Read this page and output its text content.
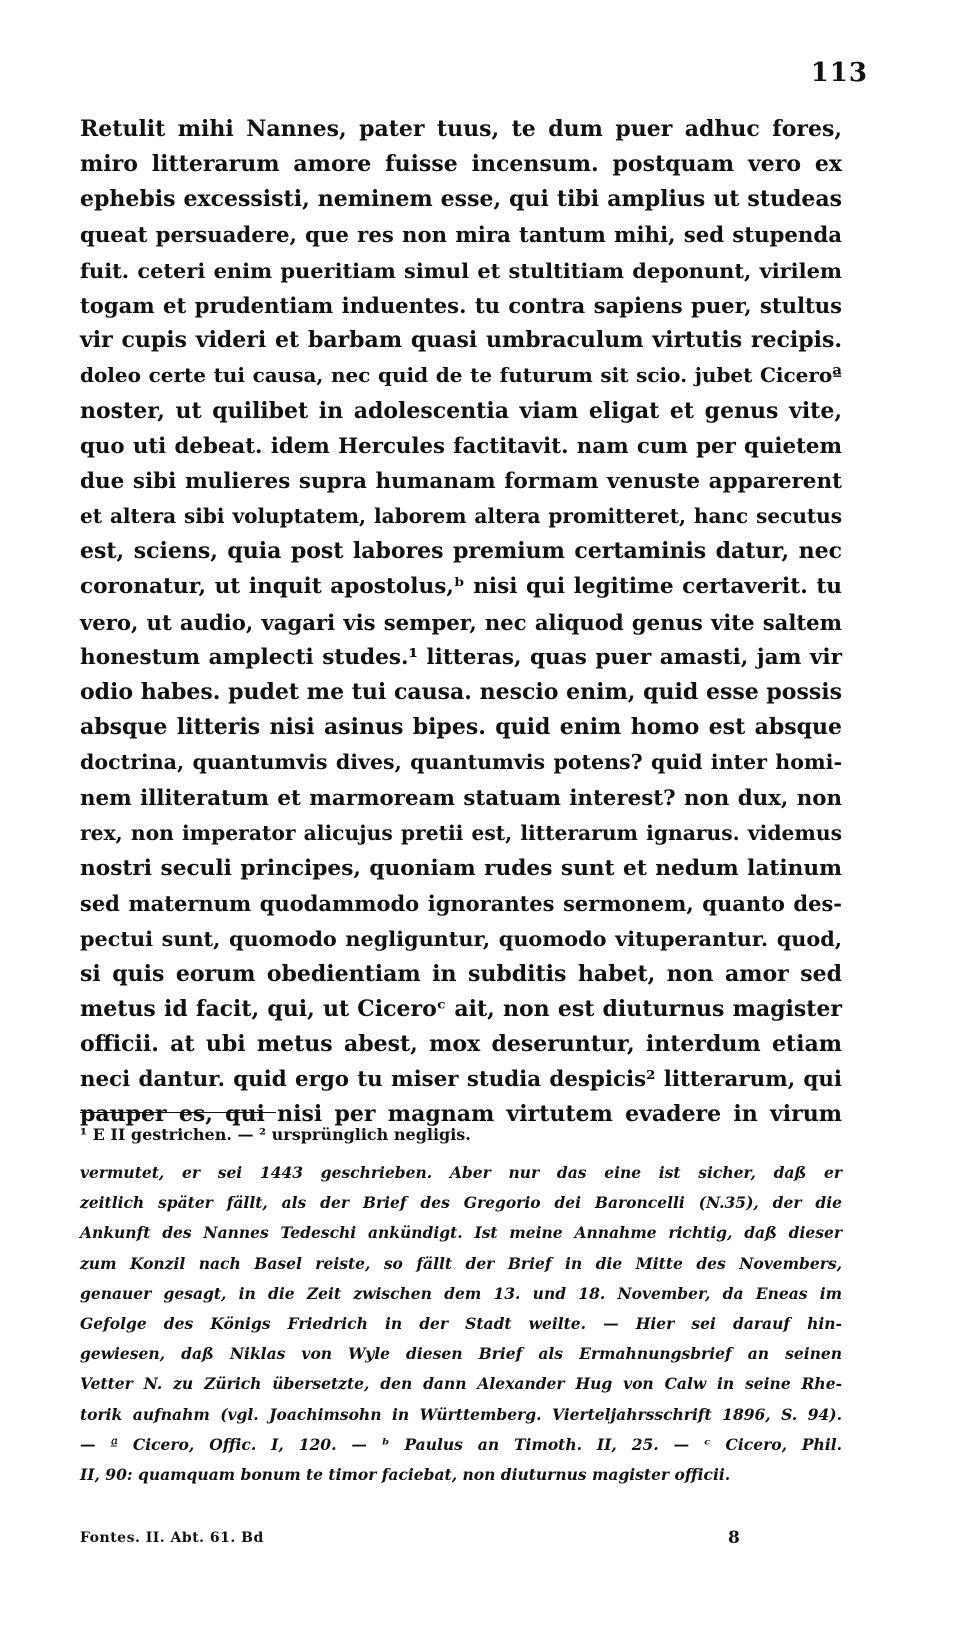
113
Retulit mihi Nannes, pater tuus, te dum puer adhuc fores,
miro litterarum amore fuisse incensum. postquam vero ex
ephebis excessisti, neminem esse, qui tibi amplius ut studeas
queat persuadere, que res non mira tantum mihi, sed stupenda
fuit. ceteri enim pueritiam simul et stultitiam deponunt, virilem
togam et prudentiam induentes. tu contra sapiens puer, stultus
vir cupis videri et barbam quasi umbraculum virtutis recipis.
doleo certe tui causa, nec quid de te futurum sit scio. jubet Ciceroª
noster, ut quilibet in adolescentia viam eligat et genus vite,
quo uti debeat. idem Hercules factitavit. nam cum per quietem
due sibi mulieres supra humanam formam venuste apparerent
et altera sibi voluptatem, laborem altera promitteret, hanc secutus
est, sciens, quia post labores premium certaminis datur, nec
coronatur, ut inquit apostolus,ᵇ nisi qui legitime certaverit. tu
vero, ut audio, vagari vis semper, nec aliquod genus vite saltem
honestum amplecti studes.¹ litteras, quas puer amasti, jam vir
odio habes. pudet me tui causa. nescio enim, quid esse possis
absque litteris nisi asinus bipes. quid enim homo est absque
doctrina, quantumvis dives, quantumvis potens? quid inter homi-
nem illiteratum et marmoream statuam interest? non dux, non
rex, non imperator alicujus pretii est, litterarum ignarus. videmus
nostri seculi principes, quoniam rudes sunt et nedum latinum
sed maternum quodammodo ignorantes sermonem, quanto des-
pectui sunt, quomodo negliguntur, quomodo vituperantur. quod,
si quis eorum obedientiam in subditis habet, non amor sed
metus id facit, qui, ut Ciceroᶜ ait, non est diuturnus magister
officii. at ubi metus abest, mox deseruntur, interdum etiam
neci dantur. quid ergo tu miser studia despicis² litterarum, qui
pauper es, qui nisi per magnam virtutem evadere in virum
¹ E II gestrichen. — ² ursprünglich negligis.
vermutet, er sei 1443 geschrieben. Aber nur das eine ist sicher, daß er
zeitlich später fällt, als der Brief des Gregorio dei Baroncelli (N.35), der die
Ankunft des Nannes Tedeschi ankündigt. Ist meine Annahme richtig, daß dieser
zum Konzil nach Basel reiste, so fällt der Brief in die Mitte des Novembers,
genauer gesagt, in die Zeit zwischen dem 13. und 18. November, da Eneas im
Gefolge des Königs Friedrich in der Stadt weilte. — Hier sei darauf hin-
gewiesen, daß Niklas von Wyle diesen Brief als Ermahnungsbrief an seinen
Vetter N. zu Zürich übersetzte, den dann Alexander Hug von Calw in seine Rhe-
torik aufnahm (vgl. Joachimsohn in Württemberg. Vierteljahrsschrift 1896, S. 94).
— ª Cicero, Offic. I, 120. — ᵇ Paulus an Timoth. II, 25. — ᶜ Cicero, Phil.
II, 90: quamquam bonum te timor faciebat, non diuturnus magister officii.
Fontes. II. Abt. 61. Bd	8
